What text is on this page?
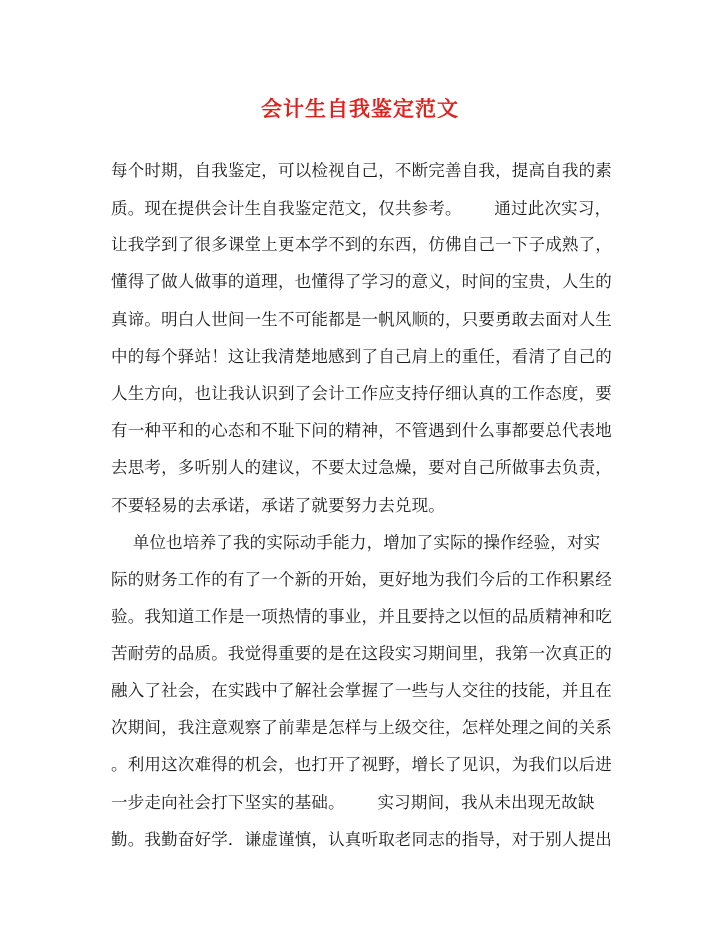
会计生自我鉴定范文
每个时期，自我鉴定，可以检视自己，不断完善自我，提高自我的素
质。现在提供会计生自我鉴定范文，仅共参考。      通过此次实习，
让我学到了很多课堂上更本学不到的东西，仿佛自己一下子成熟了，
懂得了做人做事的道理，也懂得了学习的意义，时间的宝贵，人生的
真谛。明白人世间一生不可能都是一帆风顺的，只要勇敢去面对人生
中的每个驿站！这让我清楚地感到了自己肩上的重任，看清了自己的
人生方向，也让我认识到了会计工作应支持仔细认真的工作态度，要
有一种平和的心态和不耻下问的精神，不管遇到什么事都要总代表地
去思考，多听别人的建议，不要太过急燥，要对自己所做事去负责，
不要轻易的去承诺，承诺了就要努力去兑现。
单位也培养了我的实际动手能力，增加了实际的操作经验，对实
际的财务工作的有了一个新的开始，更好地为我们今后的工作积累经
验。我知道工作是一项热情的事业，并且要持之以恒的品质精神和吃
苦耐劳的品质。我觉得重要的是在这段实习期间里，我第一次真正的
融入了社会，在实践中了解社会掌握了一些与人交往的技能，并且在
次期间，我注意观察了前辈是怎样与上级交往，怎样处理之间的关系
。利用这次难得的机会，也打开了视野，增长了见识，为我们以后进
一步走向社会打下坚实的基础。      实习期间，我从未出现无故缺
勤。我勤奋好学．谦虚谨慎，认真听取老同志的指导，对于别人提出
